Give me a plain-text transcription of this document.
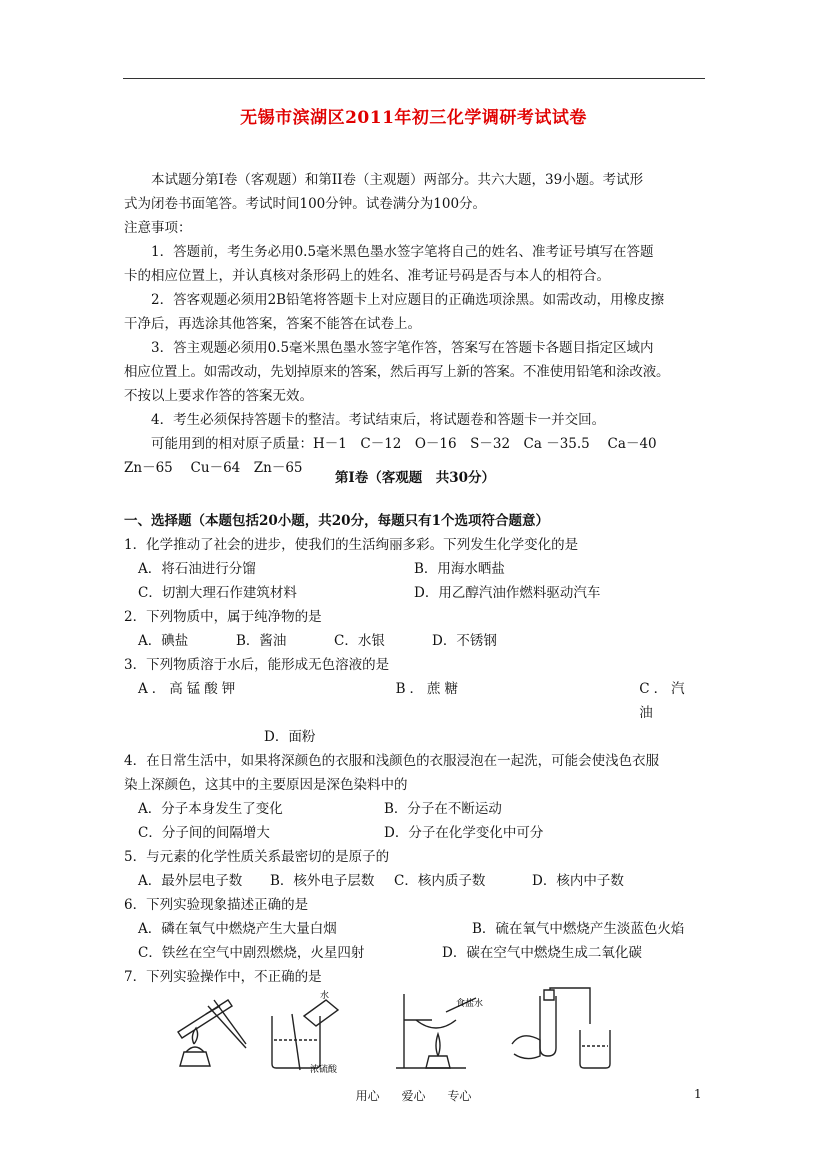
无锡市滨湖区2011年初三化学调研考试试卷

本试题分第Ⅰ卷（客观题）和第II卷（主观题）两部分。共六大题，39小题。考试形

式为闭卷书面笔答。考试时间100分钟。试卷满分为100分。

注意事项：

1．答题前，考生务必用0.5毫米黑色墨水签字笔将自己的姓名、准考证号填写在答题

卡的相应位置上，并认真核对条形码上的姓名、准考证号码是否与本人的相符合。

2．答客观题必须用2B铅笔将答题卡上对应题目的正确选项涂黑。如需改动，用橡皮擦

干净后，再选涂其他答案，答案不能答在试卷上。

3．答主观题必须用0.5毫米黑色墨水签字笔作答，答案写在答题卡各题目指定区域内

相应位置上。如需改动，先划掉原来的答案，然后再写上新的答案。不准使用铅笔和涂改液。

不按以上要求作答的答案无效。

4．考生必须保持答题卡的整洁。考试结束后，将试题卷和答题卡一并交回。

可能用到的相对原子质量：H－1　C－12　O－16　S－32　Ca －35.5　 Ca－40

Zn－65　 Cu－64　Zn－65

第Ⅰ卷（客观题　共30分）

一、选择题（本题包括20小题，共20分，每题只有1个选项符合题意）

1．化学推动了社会的进步，使我们的生活绚丽多彩。下列发生化学变化的是

A．将石油进行分馏	B．用海水晒盐
C．切割大理石作建筑材料	D．用乙醇汽油作燃料驱动汽车

2．下列物质中，属于纯净物的是

A．碘盐	B．酱油	C．水银	D．不锈钢

3．下列物质溶于水后，能形成无色溶液的是

A．高锰酸钾	B．蔗糖	C．汽油
D．面粉

4．在日常生活中，如果将深颜色的衣服和浅颜色的衣服浸泡在一起洗，可能会使浅色衣服

染上深颜色，这其中的主要原因是深色染料中的

A．分子本身发生了变化	B．分子在不断运动
C．分子间的间隔增大	D．分子在化学变化中可分

5．与元素的化学性质关系最密切的是原子的

A．最外层电子数	B．核外电子层数	C．核内质子数	D．核内中子数

6．下列实验现象描述正确的是

A．磷在氧气中燃烧产生大量白烟	B．硫在氧气中燃烧产生淡蓝色火焰
C．铁丝在空气中剧烈燃烧，火星四射	D．碳在空气中燃烧生成二氧化碳

7．下列实验操作中，不正确的是

水
浓硫酸
食盐水
用心 爱心 专心	1
